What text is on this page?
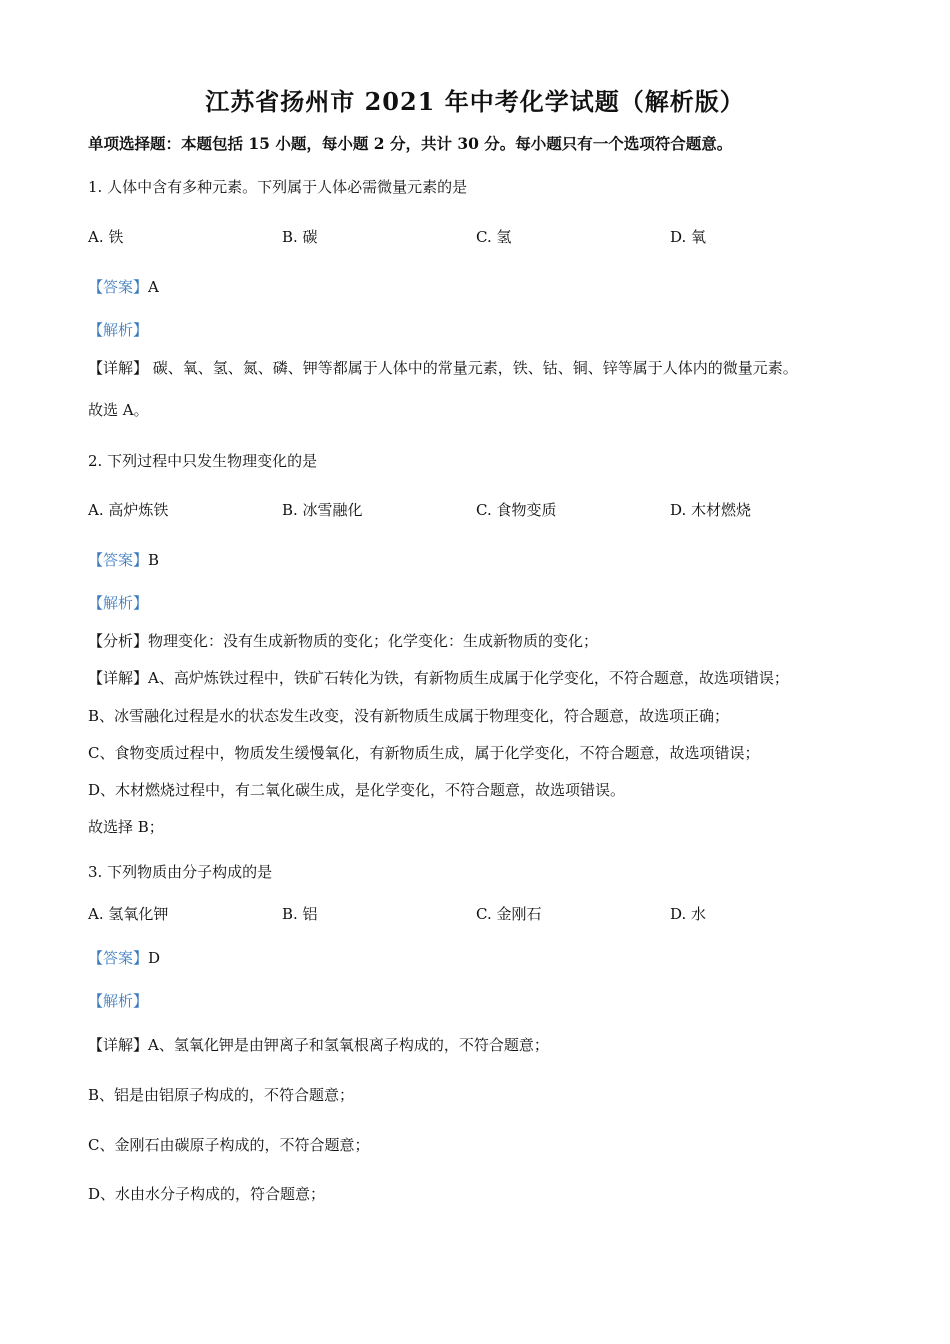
江苏省扬州市 2021 年中考化学试题（解析版）
单项选择题：本题包括 15 小题，每小题 2 分，共计 30 分。每小题只有一个选项符合题意。
1. 人体中含有多种元素。下列属于人体必需微量元素的是
A. 铁	B. 碳	C. 氢	D. 氧
【答案】A
【解析】
【详解】 碳、氧、氢、氮、磷、钾等都属于人体中的常量元素，铁、钴、铜、锌等属于人体内的微量元素。
故选 A。
2. 下列过程中只发生物理变化的是
A. 高炉炼铁	B. 冰雪融化	C. 食物变质	D. 木材燃烧
【答案】B
【解析】
【分析】物理变化：没有生成新物质的变化；化学变化：生成新物质的变化；
【详解】A、高炉炼铁过程中，铁矿石转化为铁，有新物质生成属于化学变化，不符合题意，故选项错误；
B、冰雪融化过程是水的状态发生改变，没有新物质生成属于物理变化，符合题意，故选项正确；
C、食物变质过程中，物质发生缓慢氧化，有新物质生成，属于化学变化，不符合题意，故选项错误；
D、木材燃烧过程中，有二氧化碳生成，是化学变化，不符合题意，故选项错误。
故选择 B；
3. 下列物质由分子构成的是
A. 氢氧化钾	B. 铝	C. 金刚石	D. 水
【答案】D
【解析】
【详解】A、氢氧化钾是由钾离子和氢氧根离子构成的，不符合题意；
B、铝是由铝原子构成的，不符合题意；
C、金刚石由碳原子构成的，不符合题意；
D、水由水分子构成的，符合题意；
